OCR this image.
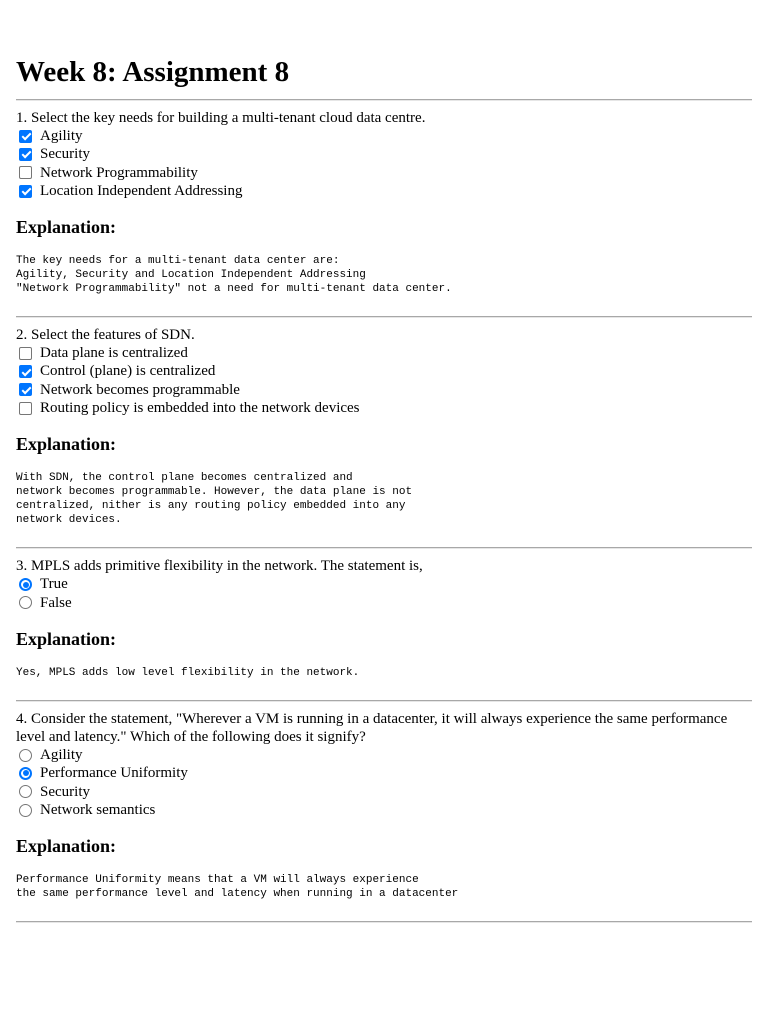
Week 8: Assignment 8

1. Select the key needs for building a multi-tenant cloud data centre.

Agility
Security
Network Programmability
Location Independent Addressing
Explanation:
The key needs for a multi-tenant data center are:
Agility, Security and Location Independent Addressing
"Network Programmability" not a need for multi-tenant data center.

2. Select the features of SDN.

Data plane is centralized
Control (plane) is centralized
Network becomes programmable
Routing policy is embedded into the network devices
Explanation:
With SDN, the control plane becomes centralized and
network becomes programmable. However, the data plane is not
centralized, nither is any routing policy embedded into any
network devices.

3. MPLS adds primitive flexibility in the network. The statement is,

True
False
Explanation:
Yes, MPLS adds low level flexibility in the network.

4. Consider the statement, "Wherever a VM is running in a datacenter, it will always experience the same performance level and latency." Which of the following does it signify?

Agility
Performance Uniformity
Security
Network semantics
Explanation:
Performance Uniformity means that a VM will always experience
the same performance level and latency when running in a datacenter
